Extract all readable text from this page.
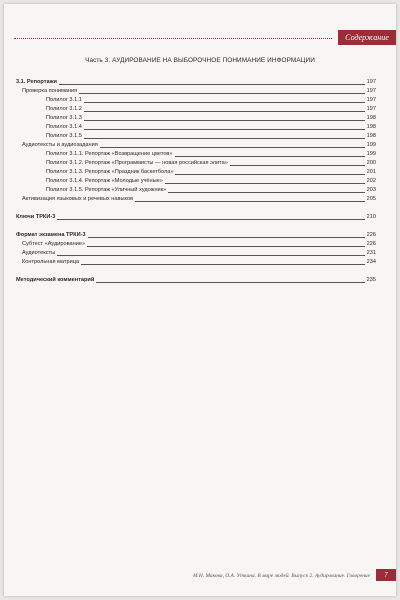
Содержание
Часть 3. АУДИРОВАНИЕ НА ВЫБОРОЧНОЕ ПОНИМАНИЕ ИНФОРМАЦИИ
3.1. Репортажи	197
Проверка понимания	197
Полилог 3.1.1	197
Полилог 3.1.2	197
Полилог 3.1.3	198
Полилог 3.1.4	198
Полилог 3.1.5	198
Аудиотексты и аудиозадания	199
Полилог 3.1.1. Репортаж «Возвращение цветов»	199
Полилог 3.1.2. Репортаж «Программисты — новая российская элита»	200
Полилог 3.1.3. Репортаж «Праздник баскетбола»	201
Полилог 3.1.4. Репортаж «Молодые учёные»	202
Полилог 3.1.5. Репортаж «Уличный художник»	203
Активизация языковых и речевых навыков	205
Ключи ТРКИ-3	210
Формат экзамена ТРКИ-3	226
Субтест «Аудирование»	226
Аудиотексты	231
Контрольная матрица	234
Методический комментарий	235
М.Н. Макова, О.А. Уткина. В мире людей. Выпуск 2. Аудирование. Говорение	7
